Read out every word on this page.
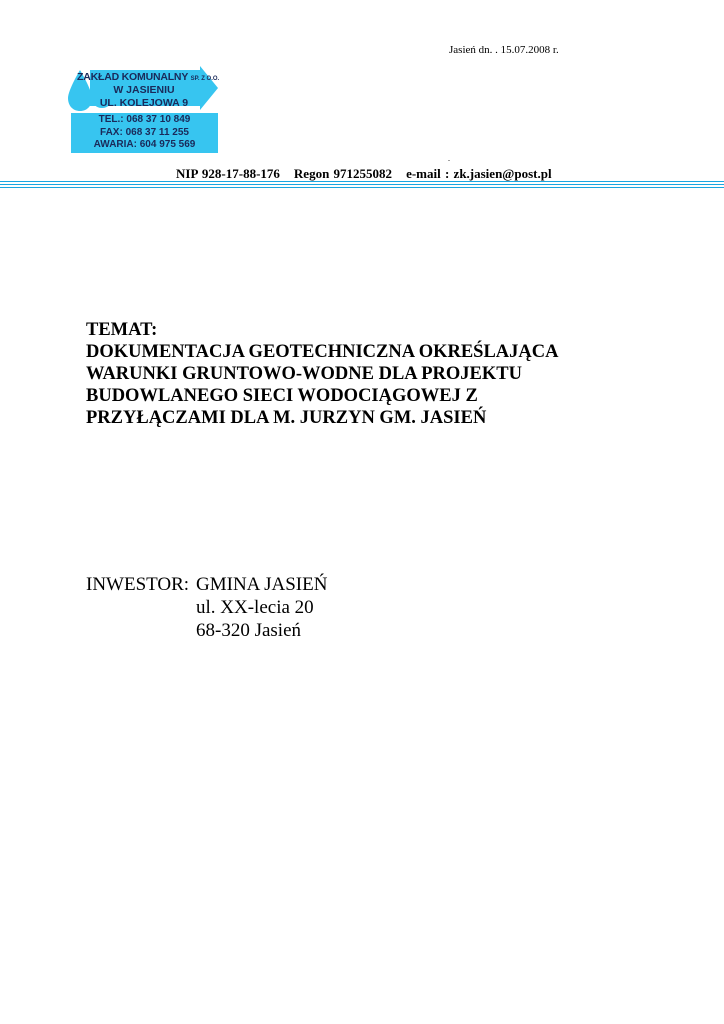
Jasień dn. . 15.07.2008 r.
ZAKŁAD KOMUNALNY SP. Z O.O.
W JASIENIU
UL. KOLEJOWA 9
TEL.: 068 37 10 849
FAX: 068 37 11 255
AWARIA: 604 975 569
.
NIP 928-17-88-176 Regon 971255082 e-mail : zk.jasien@post.pl
TEMAT:
DOKUMENTACJA GEOTECHNICZNA OKREŚLAJĄCA
WARUNKI GRUNTOWO-WODNE DLA PROJEKTU
BUDOWLANEGO SIECI WODOCIĄGOWEJ Z
PRZYŁĄCZAMI DLA M. JURZYN GM. JASIEŃ
INWESTOR: GMINA JASIEŃ
ul. XX-lecia 20
68-320 Jasień
